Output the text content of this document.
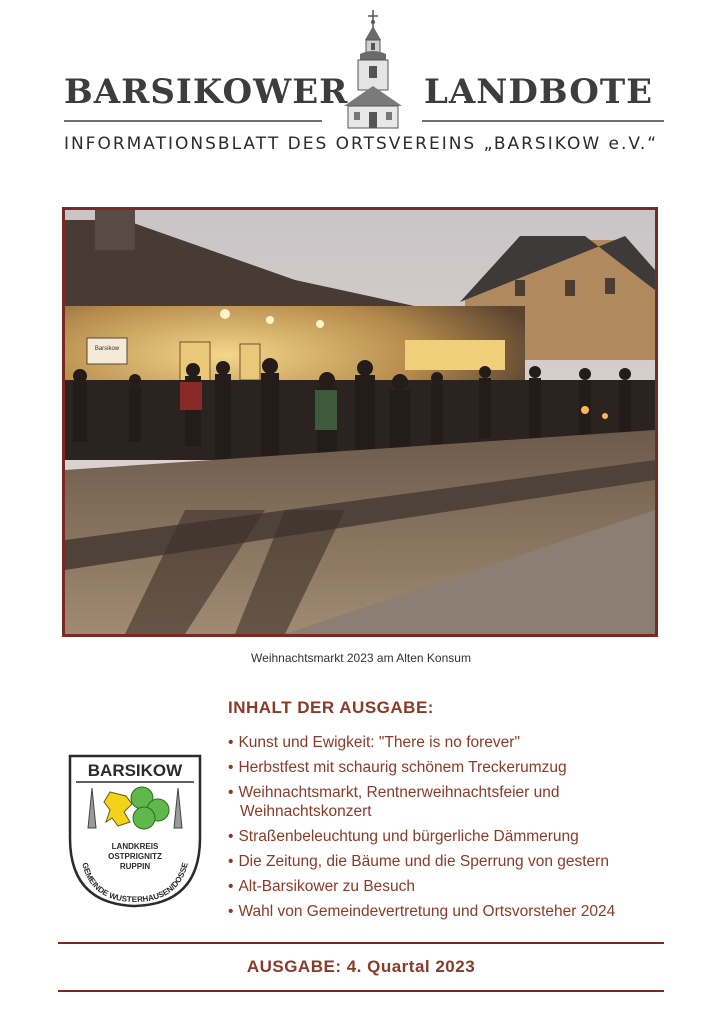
BARSIKOWER LANDBOTE
INFORMATIONSBLATT DES ORTSVEREINS „BARSIKOW e.V.“
Barsikow
Weihnachtsmarkt 2023 am Alten Konsum
INHALT DER AUSGABE:
• Kunst und Ewigkeit: "There is no forever"
• Herbstfest mit schaurig schönem Treckerumzug
• Weihnachtsmarkt, Rentnerweihnachtsfeier und Weihnachtskonzert
• Straßenbeleuchtung und bürgerliche Dämmerung
• Die Zeitung, die Bäume und die Sperrung von gestern
• Alt-Barsikower zu Besuch
• Wahl von Gemeindevertretung und Ortsvorsteher 2024
BARSIKOW
LANDKREIS
OSTPRIGNITZ
RUPPIN
GEMEINDE WUSTERHAUSEN/DOSSE
AUSGABE: 4. Quartal 2023
